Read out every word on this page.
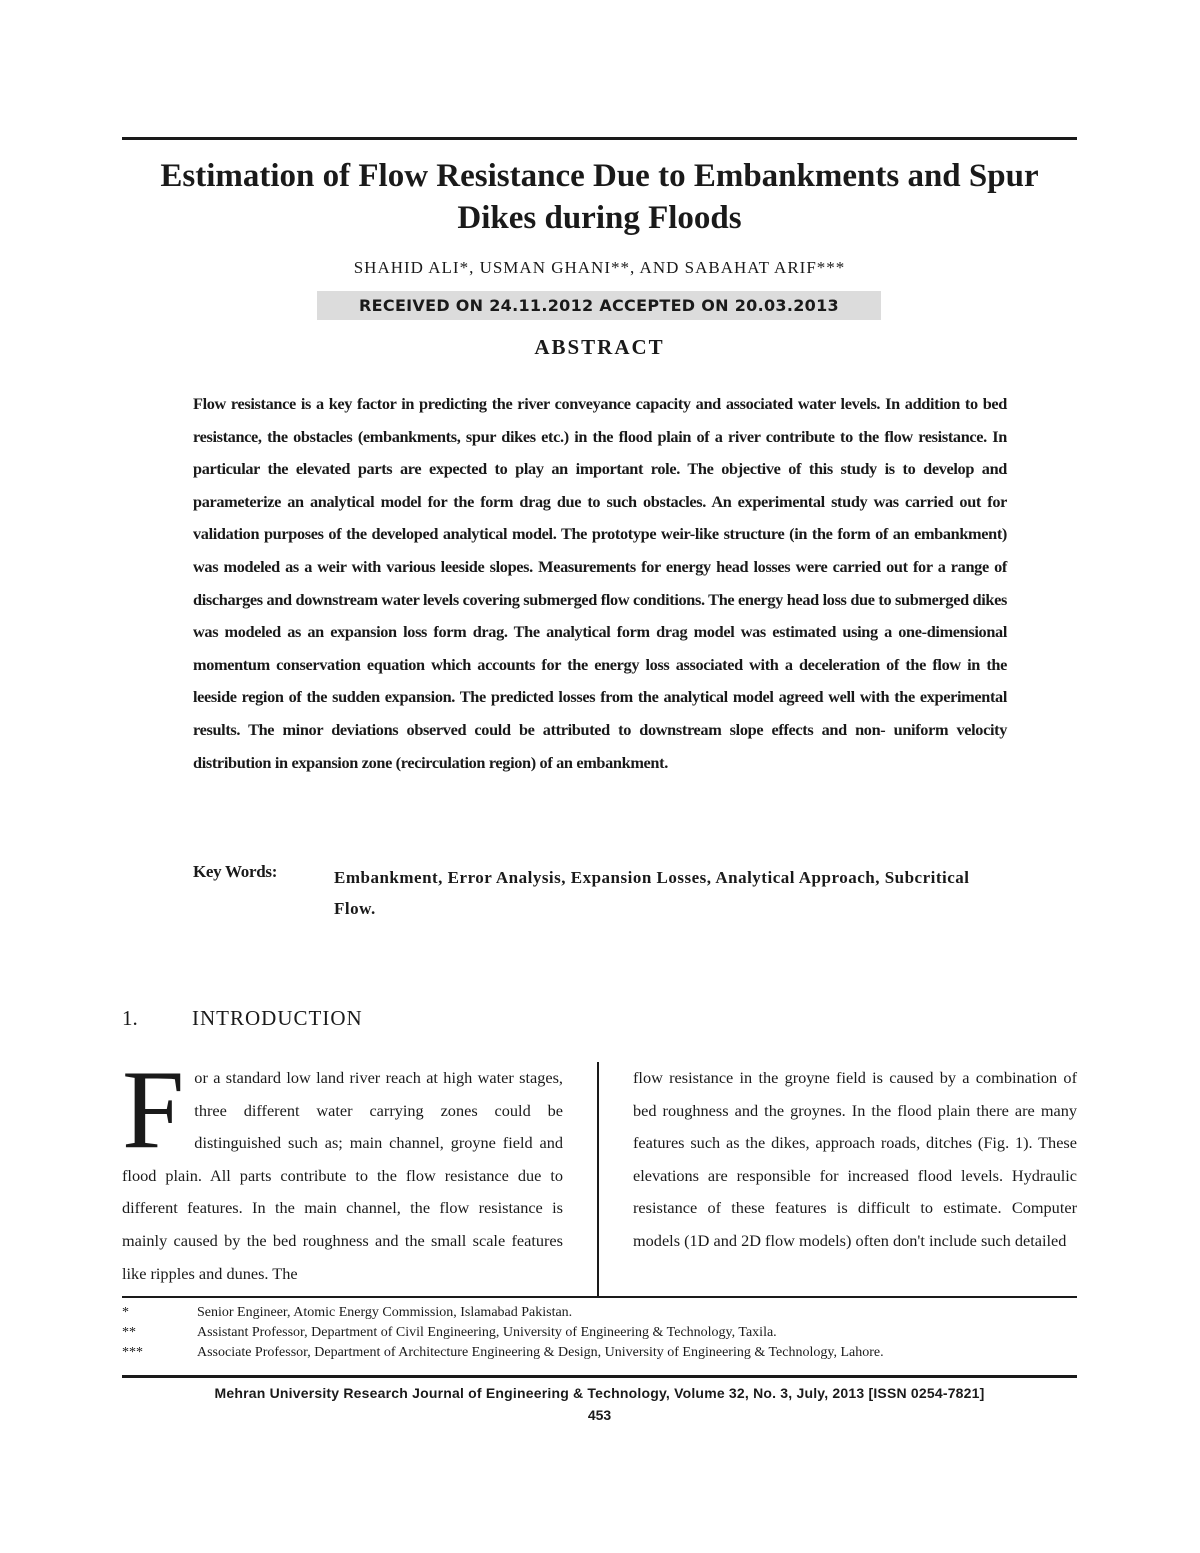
Estimation of Flow Resistance Due to Embankments and Spur Dikes during Floods
SHAHID ALI*, USMAN GHANI**, AND SABAHAT ARIF***
RECEIVED ON 24.11.2012 ACCEPTED ON 20.03.2013
ABSTRACT

Flow resistance is a key factor in predicting the river conveyance capacity and associated water levels. In addition to bed resistance, the obstacles (embankments, spur dikes etc.) in the flood plain of a river contribute to the flow resistance. In particular the elevated parts are expected to play an important role. The objective of this study is to develop and parameterize an analytical model for the form drag due to such obstacles. An experimental study was carried out for validation purposes of the developed analytical model. The prototype weir-like structure (in the form of an embankment) was modeled as a weir with various leeside slopes. Measurements for energy head losses were carried out for a range of discharges and downstream water levels covering submerged flow conditions. The energy head loss due to submerged dikes was modeled as an expansion loss form drag. The analytical form drag model was estimated using a one-dimensional momentum conservation equation which accounts for the energy loss associated with a deceleration of the flow in the leeside region of the sudden expansion. The predicted losses from the analytical model agreed well with the experimental results. The minor deviations observed could be attributed to downstream slope effects and non- uniform velocity distribution in expansion zone (recirculation region) of an embankment.

Key Words:	Embankment, Error Analysis, Expansion Losses, Analytical Approach, Subcritical Flow.
1.	INTRODUCTION
F or a standard low land river reach at high water stages, three different water carrying zones could be distinguished such as; main channel, groyne field and flood plain. All parts contribute to the flow resistance due to different features. In the main channel, the flow resistance is mainly caused by the bed roughness and the small scale features like ripples and dunes. The

flow resistance in the groyne field is caused by a combination of bed roughness and the groynes. In the flood plain there are many features such as the dikes, approach roads, ditches (Fig. 1). These elevations are responsible for increased flood levels. Hydraulic resistance of these features is difficult to estimate. Computer models (1D and 2D flow models) often don't include such detailed

*	Senior Engineer, Atomic Energy Commission, Islamabad Pakistan.
**	Assistant Professor, Department of Civil Engineering, University of Engineering & Technology, Taxila.
***	Associate Professor, Department of Architecture Engineering & Design, University of Engineering & Technology, Lahore.
Mehran University Research Journal of Engineering & Technology, Volume 32, No. 3, July, 2013 [ISSN 0254-7821]
453
